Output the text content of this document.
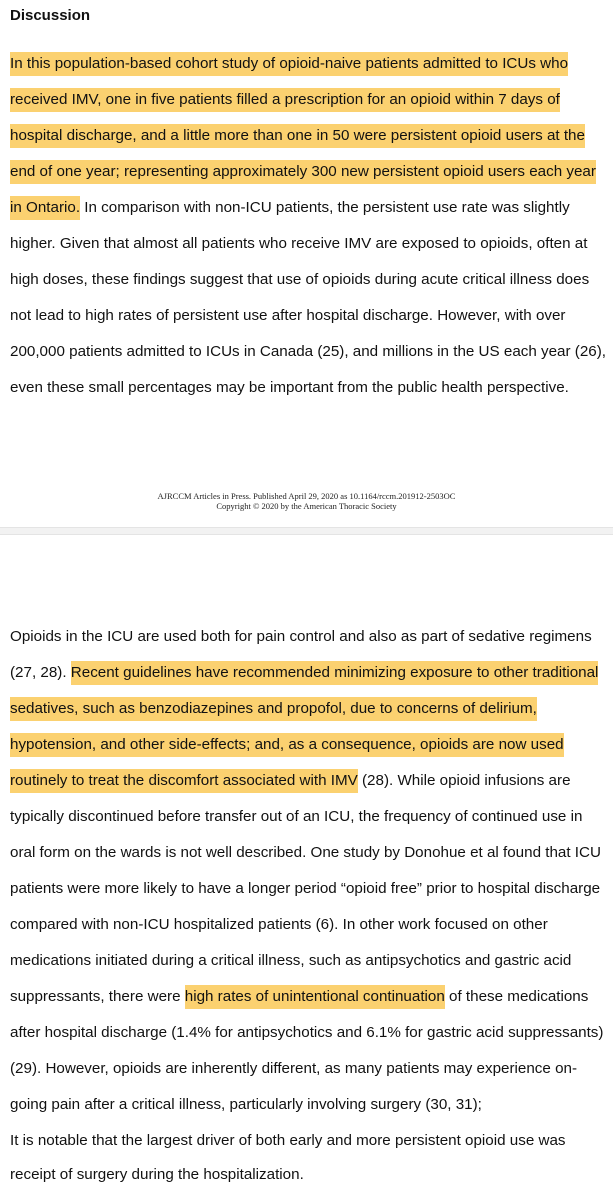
Discussion

In this population-based cohort study of opioid-naive patients admitted to ICUs who received IMV, one in five patients filled a prescription for an opioid within 7 days of hospital discharge, and a little more than one in 50 were persistent opioid users at the end of one year; representing approximately 300 new persistent opioid users each year in Ontario. In comparison with non-ICU patients, the persistent use rate was slightly higher. Given that almost all patients who receive IMV are exposed to opioids, often at high doses, these findings suggest that use of opioids during acute critical illness does not lead to high rates of persistent use after hospital discharge. However, with over 200,000 patients admitted to ICUs in Canada (25), and millions in the US each year (26), even these small percentages may be important from the public health perspective.

AJRCCM Articles in Press. Published April 29, 2020 as 10.1164/rccm.201912-2503OC
Copyright © 2020 by the American Thoracic Society

Opioids in the ICU are used both for pain control and also as part of sedative regimens (27, 28). Recent guidelines have recommended minimizing exposure to other traditional sedatives, such as benzodiazepines and propofol, due to concerns of delirium, hypotension, and other side-effects; and, as a consequence, opioids are now used routinely to treat the discomfort associated with IMV (28). While opioid infusions are typically discontinued before transfer out of an ICU, the frequency of continued use in oral form on the wards is not well described. One study by Donohue et al found that ICU patients were more likely to have a longer period “opioid free” prior to hospital discharge compared with non-ICU hospitalized patients (6). In other work focused on other medications initiated during a critical illness, such as antipsychotics and gastric acid suppressants, there were high rates of unintentional continuation of these medications after hospital discharge (1.4% for antipsychotics and 6.1% for gastric acid suppressants) (29). However, opioids are inherently different, as many patients may experience on-going pain after a critical illness, particularly involving surgery (30, 31);

It is notable that the largest driver of both early and more persistent opioid use was receipt of surgery during the hospitalization.
